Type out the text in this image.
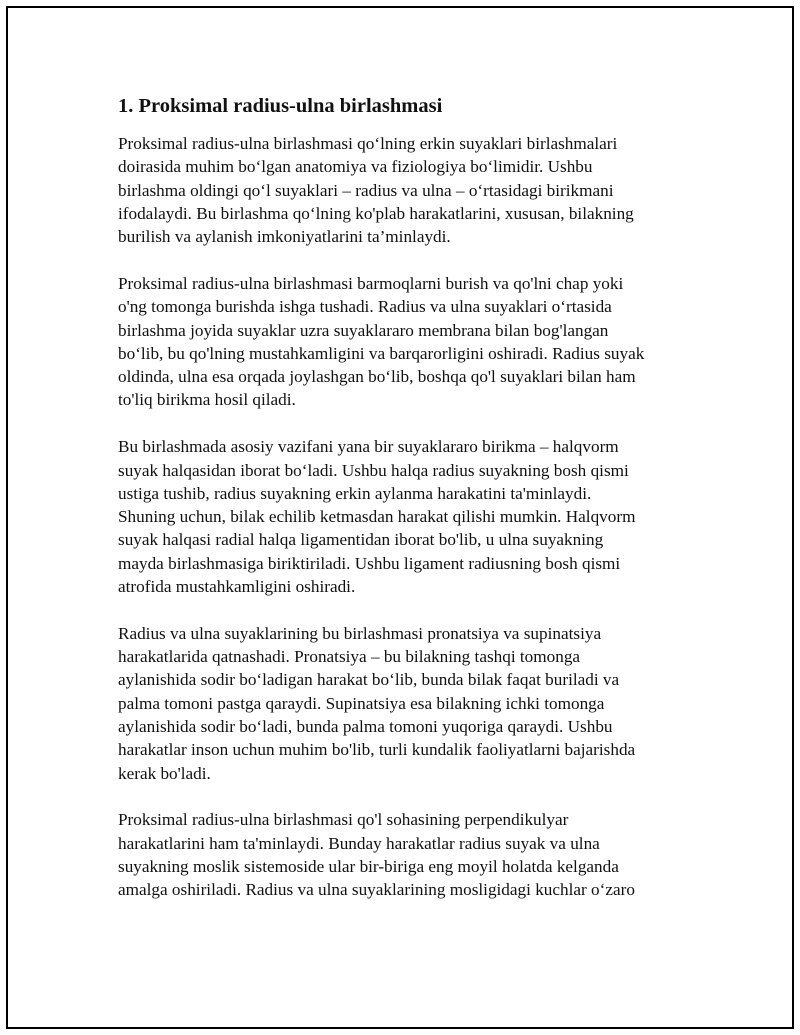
1. Proksimal radius-ulna birlashmasi
Proksimal radius-ulna birlashmasi qo‘lning erkin suyaklari birlashmalari
doirasida muhim bo‘lgan anatomiya va fiziologiya bo‘limidir. Ushbu
birlashma oldingi qo‘l suyaklari – radius va ulna – o‘rtasidagi birikmani
ifodalaydi. Bu birlashma qo‘lning ko'plab harakatlarini, xususan, bilakning
burilish va aylanish imkoniyatlarini ta’minlaydi.
Proksimal radius-ulna birlashmasi barmoqlarni burish va qo'lni chap yoki
o'ng tomonga burishda ishga tushadi. Radius va ulna suyaklari o‘rtasida
birlashma joyida suyaklar uzra suyaklararo membrana bilan bog'langan
bo‘lib, bu qo'lning mustahkamligini va barqarorligini oshiradi. Radius suyak
oldinda, ulna esa orqada joylashgan bo‘lib, boshqa qo'l suyaklari bilan ham
to'liq birikma hosil qiladi.
Bu birlashmada asosiy vazifani yana bir suyaklararo birikma – halqvorm
suyak halqasidan iborat bo‘ladi. Ushbu halqa radius suyakning bosh qismi
ustiga tushib, radius suyakning erkin aylanma harakatini ta'minlaydi.
Shuning uchun, bilak echilib ketmasdan harakat qilishi mumkin. Halqvorm
suyak halqasi radial halqa ligamentidan iborat bo'lib, u ulna suyakning
mayda birlashmasiga biriktiriladi. Ushbu ligament radiusning bosh qismi
atrofida mustahkamligini oshiradi.
Radius va ulna suyaklarining bu birlashmasi pronatsiya va supinatsiya
harakatlarida qatnashadi. Pronatsiya – bu bilakning tashqi tomonga
aylanishida sodir bo‘ladigan harakat bo‘lib, bunda bilak faqat buriladi va
palma tomoni pastga qaraydi. Supinatsiya esa bilakning ichki tomonga
aylanishida sodir bo‘ladi, bunda palma tomoni yuqoriga qaraydi. Ushbu
harakatlar inson uchun muhim bo'lib, turli kundalik faoliyatlarni bajarishda
kerak bo'ladi.
Proksimal radius-ulna birlashmasi qo'l sohasining perpendikulyar
harakatlarini ham ta'minlaydi. Bunday harakatlar radius suyak va ulna
suyakning moslik sistemoside ular bir-biriga eng moyil holatda kelganda
amalga oshiriladi. Radius va ulna suyaklarining mosligidagi kuchlar o‘zaro
